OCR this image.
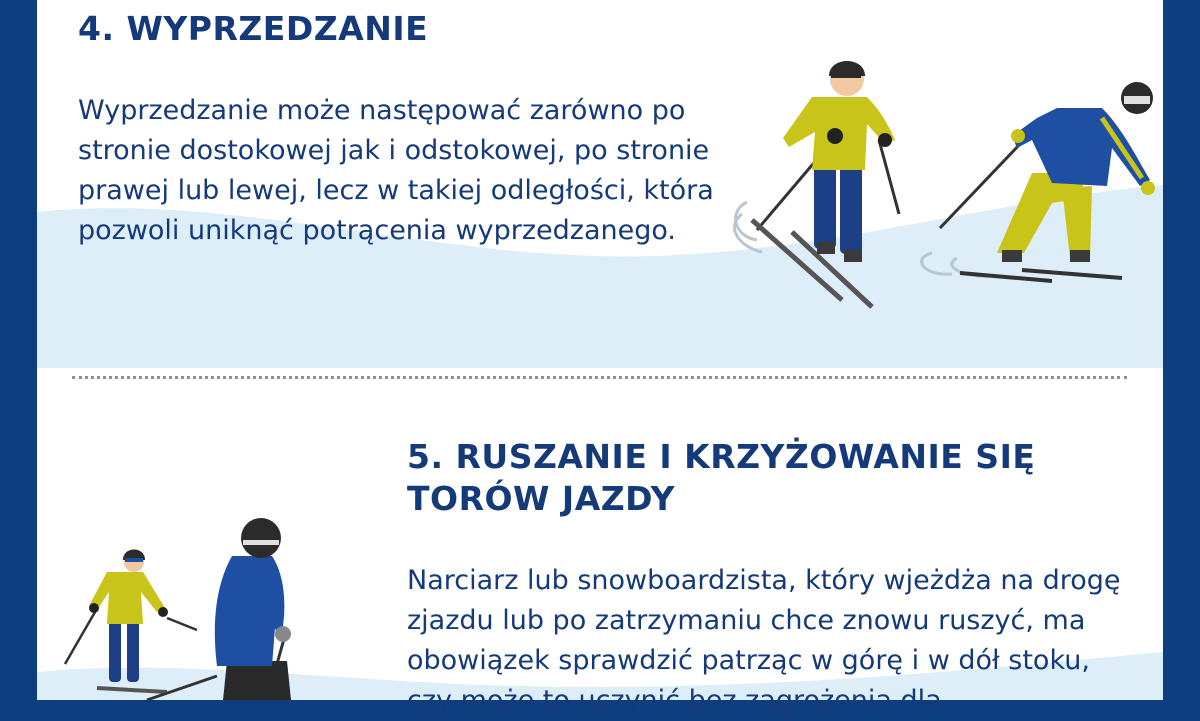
4. WYPRZEDZANIE

Wyprzedzanie może następować zarówno po stronie dostokowej jak i odstokowej, po stronie prawej lub lewej, lecz w takiej odległości, która pozwoli uniknąć potrącenia wyprzedzanego.

5. RUSZANIE I KRZYŻOWANIE SIĘ TORÓW JAZDY

Narciarz lub snowboardzista, który wjeżdża na drogę zjazdu lub po zatrzymaniu chce znowu ruszyć, ma obowiązek sprawdzić patrząc w górę i w dół stoku, czy może to uczynić bez zagrożenia dla
